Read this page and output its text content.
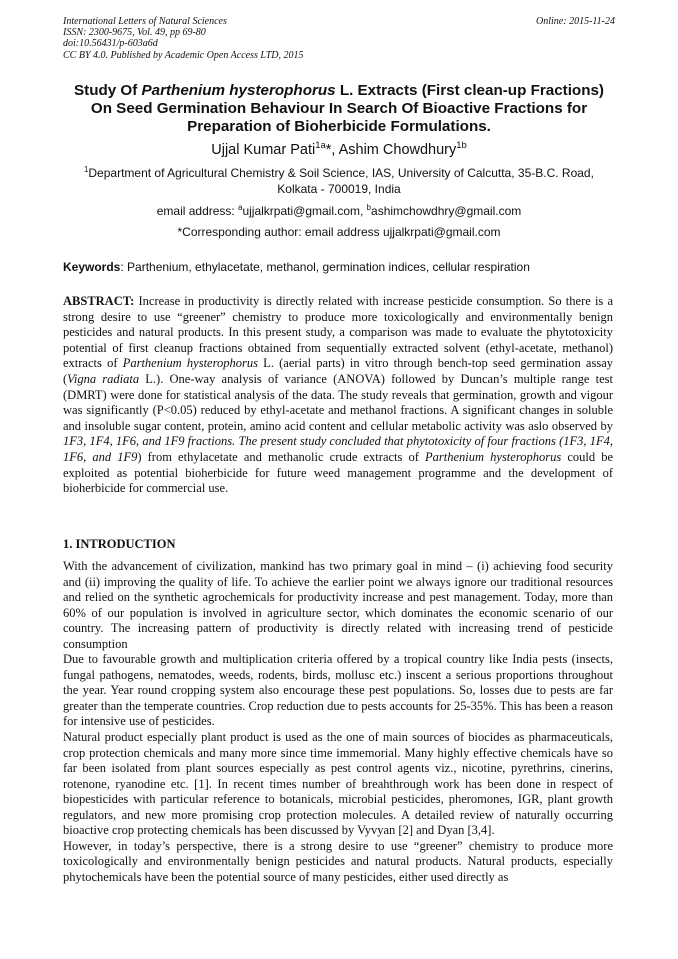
International Letters of Natural Sciences
ISSN: 2300-9675, Vol. 49, pp 69-80
doi:10.56431/p-603a6d
CC BY 4.0. Published by Academic Open Access LTD, 2015
Online: 2015-11-24
Study Of Parthenium hysterophorus L. Extracts (First clean-up Fractions) On Seed Germination Behaviour In Search Of Bioactive Fractions for Preparation of Bioherbicide Formulations.
Ujjal Kumar Pati$^{1a}$*, Ashim Chowdhury$^{1b}$
$^1$Department of Agricultural Chemistry & Soil Science, IAS, University of Calcutta, 35-B.C. Road, Kolkata - 700019, India
email address: $^a$ujjalkrpati@gmail.com, $^b$ashimchowdhry@gmail.com
*Corresponding author: email address ujjalkrpati@gmail.com
Keywords: Parthenium, ethylacetate, methanol, germination indices, cellular respiration
ABSTRACT: Increase in productivity is directly related with increase pesticide consumption. So there is a strong desire to use “greener” chemistry to produce more toxicologically and environmentally benign pesticides and natural products. In this present study, a comparison was made to evaluate the phytotoxicity potential of first cleanup fractions obtained from sequentially extracted solvent (ethyl-acetate, methanol) extracts of Parthenium hysterophorus L. (aerial parts) in vitro through bench-top seed germination assay (Vigna radiata L.). One-way analysis of variance (ANOVA) followed by Duncan’s multiple range test (DMRT) were done for statistical analysis of the data. The study reveals that germination, growth and vigour was significantly (P<0.05) reduced by ethyl-acetate and methanol fractions. A significant changes in soluble and insoluble sugar content, protein, amino acid content and cellular metabolic activity was aslo observed by 1F3, 1F4, 1F6, and 1F9 fractions. The present study concluded that phytotoxicity of four fractions (1F3, 1F4, 1F6, and 1F9) from ethylacetate and methanolic crude extracts of Parthenium hysterophorus could be exploited as potential bioherbicide for future weed management programme and the development of bioherbicide for commercial use.
1. INTRODUCTION

With the advancement of civilization, mankind has two primary goal in mind – (i) achieving food security and (ii) improving the quality of life. To achieve the earlier point we always ignore our traditional resources and relied on the synthetic agrochemicals for productivity increase and pest management. Today, more than 60% of our population is involved in agriculture sector, which dominates the economic scenario of our country. The increasing pattern of productivity is directly related with increasing trend of pesticide consumption

Due to favourable growth and multiplication criteria offered by a tropical country like India pests (insects, fungal pathogens, nematodes, weeds, rodents, birds, mollusc etc.) inscent a serious proportions throughout the year. Year round cropping system also encourage these pest populations. So, losses due to pests are far greater than the temperate countries. Crop reduction due to pests accounts for 25-35%. This has been a reason for intensive use of pesticides.

Natural product especially plant product is used as the one of main sources of biocides as pharmaceuticals, crop protection chemicals and many more since time immemorial. Many highly effective chemicals have so far been isolated from plant sources especially as pest control agents viz., nicotine, pyrethrins, cinerins, rotenone, ryanodine etc. [1]. In recent times number of breahthrough work has been done in respect of biopesticides with particular reference to botanicals, microbial pesticides, pheromones, IGR, plant growth regulators, and new more promising crop protection molecules. A detailed review of naturally occurring bioactive crop protecting chemicals has been discussed by Vyvyan [2] and Dyan [3,4].

However, in today’s perspective, there is a strong desire to use “greener” chemistry to produce more toxicologically and environmentally benign pesticides and natural products. Natural products, especially phytochemicals have been the potential source of many pesticides, either used directly as
